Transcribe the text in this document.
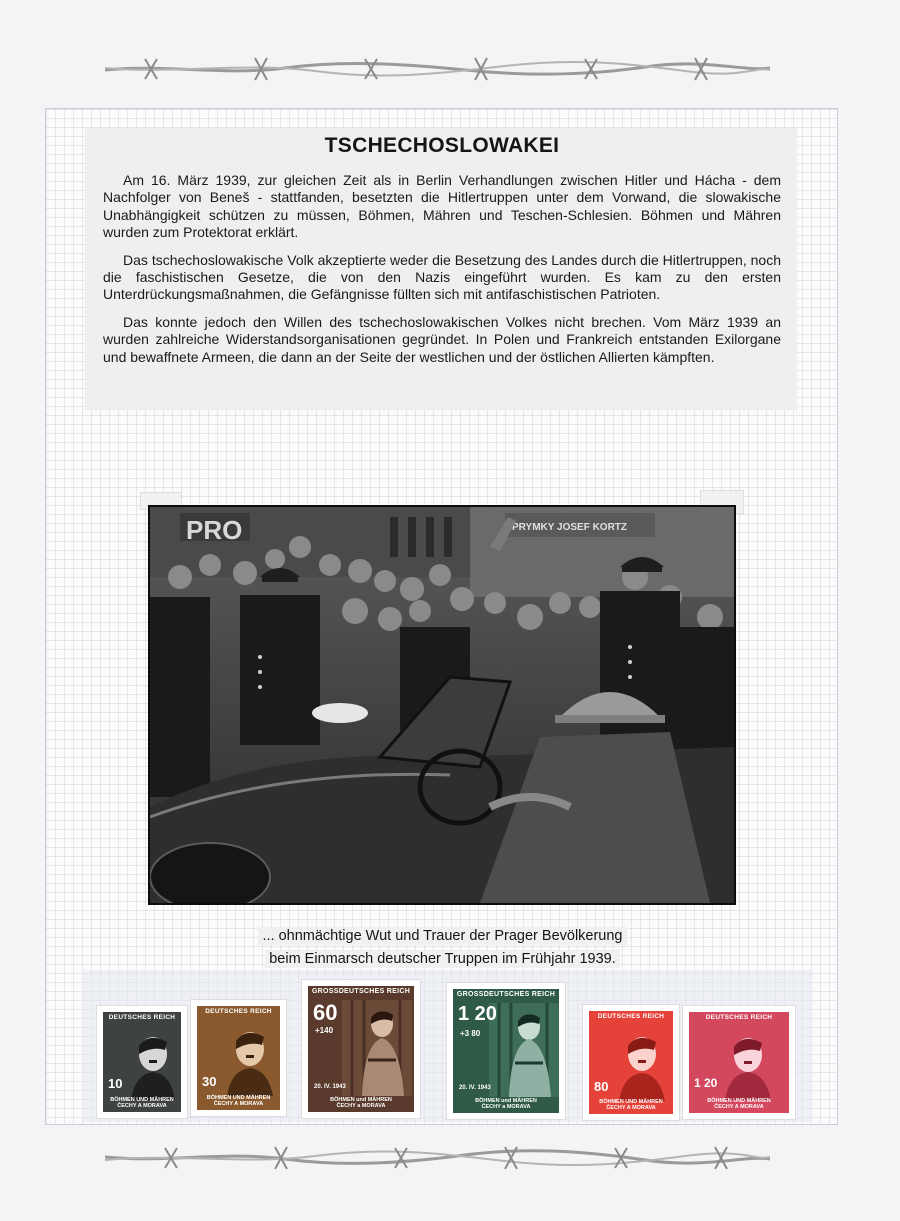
TSCHECHOSLOWAKEI

Am 16. März 1939, zur gleichen Zeit als in Berlin Verhandlungen zwischen Hitler und Hácha - dem Nachfolger von Beneš - stattfanden, besetzten die Hitlertruppen unter dem Vorwand, die slowakische Unabhängigkeit schützen zu müssen, Böhmen, Mähren und Teschen-Schlesien. Böhmen und Mähren wurden zum Protektorat erklärt.

Das tschechoslowakische Volk akzeptierte weder die Besetzung des Landes durch die Hitlertruppen, noch die faschistischen Gesetze, die von den Nazis eingeführt wurden. Es kam zu den ersten Unterdrückungsmaßnahmen, die Gefängnisse füllten sich mit antifaschistischen Patrioten.

Das konnte jedoch den Willen des tschechoslowakischen Volkes nicht brechen. Vom März 1939 an wurden zahlreiche Widerstandsorganisationen gegründet. In Polen und Frankreich entstanden Exilorgane und bewaffnete Armeen, die dann an der Seite der westlichen und der östlichen Allierten kämpften.

PRO	PRYMKY JOSEF KORTZ
... ohnmächtige Wut und Trauer der Prager Bevölkerung
beim Einmarsch deutscher Truppen im Frühjahr 1939.
DEUTSCHES REICH
10
BÖHMEN UND MÄHREN
ČECHY A MORAVA
DEUTSCHES REICH
30
BÖHMEN UND MÄHREN
ČECHY A MORAVA
GROSSDEUTSCHES REICH
60
+140
20. IV. 1943
BÖHMEN und MÄHREN
ČECHY a MORAVA
GROSSDEUTSCHES REICH
1 20
+3 80
20. IV. 1943
BÖHMEN und MÄHREN
ČECHY a MORAVA
DEUTSCHES REICH
80
BÖHMEN UND MÄHREN
ČECHY A MORAVA
DEUTSCHES REICH
1 20
BÖHMEN UND MÄHREN
ČECHY A MORAVA
